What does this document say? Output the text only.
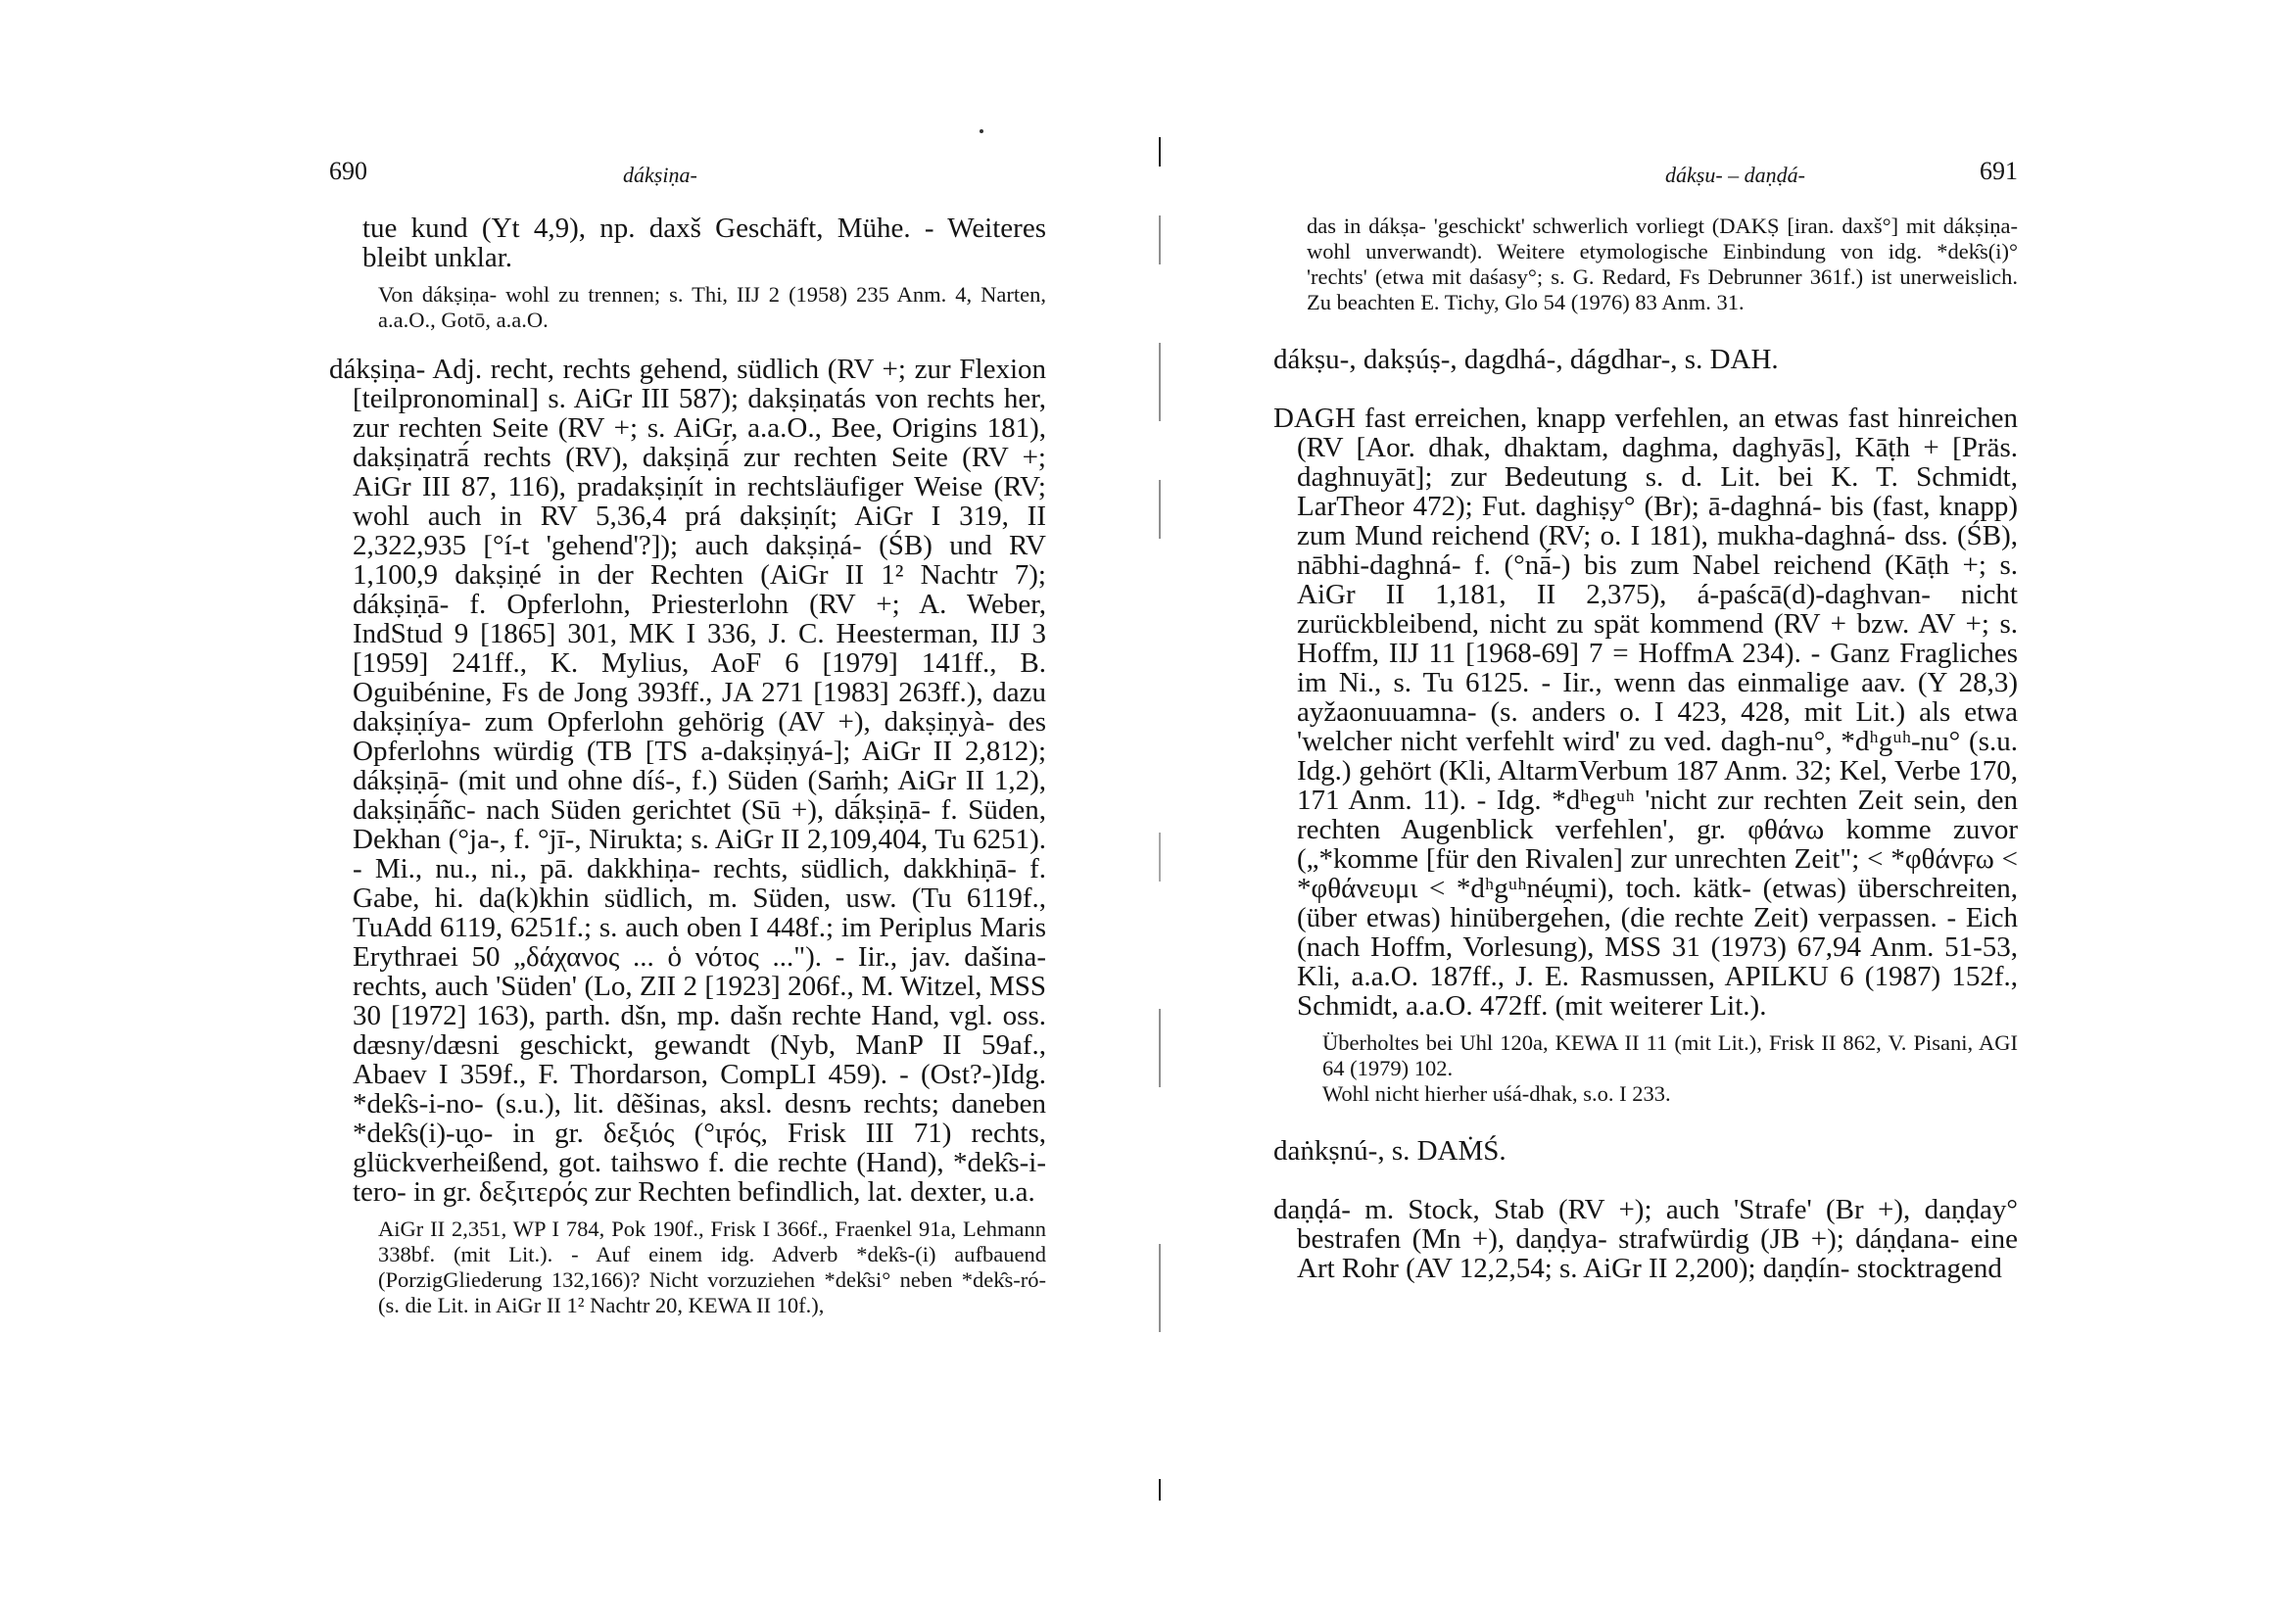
690	dákṣiṇa-

tue kund (Yt 4,9), np. daxš Geschäft, Mühe. - Weiteres bleibt unklar.

Von dákṣiṇa- wohl zu trennen; s. Thi, IIJ 2 (1958) 235 Anm. 4, Narten, a.a.O., Gotō, a.a.O.

dákṣiṇa- Adj. recht, rechts gehend, südlich (RV +; zur Flexion [teilpronominal] s. AiGr III 587); dakṣiṇatás von rechts her, zur rechten Seite (RV +; s. AiGr, a.a.O., Bee, Origins 181), dakṣiṇatrā́ rechts (RV), dakṣiṇā́ zur rechten Seite (RV +; AiGr III 87, 116), pradakṣiṇít in rechtsläufiger Weise (RV; wohl auch in RV 5,36,4 prá dakṣiṇít; AiGr I 319, II 2,322,935 [°í-t 'gehend'?]); auch dakṣiṇá- (ŚB) und RV 1,100,9 dakṣiṇé in der Rechten (AiGr II 1² Nachtr 7); dákṣiṇā- f. Opferlohn, Priesterlohn (RV +; A. Weber, IndStud 9 [1865] 301, MK I 336, J. C. Heesterman, IIJ 3 [1959] 241ff., K. Mylius, AoF 6 [1979] 141ff., B. Oguibénine, Fs de Jong 393ff., JA 271 [1983] 263ff.), dazu dakṣiṇíya- zum Opferlohn gehörig (AV +), dakṣiṇyà- des Opferlohns würdig (TB [TS a-dakṣiṇyá-]; AiGr II 2,812); dákṣiṇā- (mit und ohne díś-, f.) Süden (Saṁh; AiGr II 1,2), dakṣiṇā́ñc- nach Süden gerichtet (Sū +), dā́kṣiṇā- f. Süden, Dekhan (°ja-, f. °jī-, Nirukta; s. AiGr II 2,109,404, Tu 6251). - Mi., nu., ni., pā. dakkhiṇa- rechts, südlich, dakkhiṇā- f. Gabe, hi. da(k)khin südlich, m. Süden, usw. (Tu 6119f., TuAdd 6119, 6251f.; s. auch oben I 448f.; im Periplus Maris Erythraei 50 „δάχανος ... ὁ νότος ..."). - Iir., jav. dašina- rechts, auch 'Süden' (Lo, ZII 2 [1923] 206f., M. Witzel, MSS 30 [1972] 163), parth. dšn, mp. dašn rechte Hand, vgl. oss. dæsny/dæsni geschickt, gewandt (Nyb, ManP II 59af., Abaev I 359f., F. Thordarson, CompLI 459). - (Ost?-)Idg. *dek̑s-i-no- (s.u.), lit. dẽšinas, aksl. desnъ rechts; daneben *dek̑s(i)-u̯o- in gr. δεξιός (°ιϝός, Frisk III 71) rechts, glückverheißend, got. taihswo f. die rechte (Hand), *dek̑s-i-tero- in gr. δεξιτερός zur Rechten befindlich, lat. dexter, u.a.

AiGr II 2,351, WP I 784, Pok 190f., Frisk I 366f., Fraenkel 91a, Lehmann 338bf. (mit Lit.). - Auf einem idg. Adverb *dek̑s-(i) aufbauend (PorzigGliederung 132,166)? Nicht vorzuziehen *dek̑si° neben *dek̑s-ró- (s. die Lit. in AiGr II 1² Nachtr 20, KEWA II 10f.),

dákṣu- – daṇḍá-	691

das in dákṣa- 'geschickt' schwerlich vorliegt (DAKṢ [iran. daxš°] mit dákṣiṇa- wohl unverwandt). Weitere etymologische Einbindung von idg. *dek̑s(i)° 'rechts' (etwa mit daśasy°; s. G. Redard, Fs Debrunner 361f.) ist unerweislich. Zu beachten E. Tichy, Glo 54 (1976) 83 Anm. 31.

dákṣu-, dakṣúṣ-, dagdhá-, dágdhar-, s. DAH.

DAGH fast erreichen, knapp verfehlen, an etwas fast hinreichen (RV [Aor. dhak, dhaktam, daghma, daghyās], Kāṭh + [Präs. daghnuyāt]; zur Bedeutung s. d. Lit. bei K. T. Schmidt, LarTheor 472); Fut. daghiṣy° (Br); ā-daghná- bis (fast, knapp) zum Mund reichend (RV; o. I 181), mukha-daghná- dss. (ŚB), nābhi-daghná- f. (°nā́-) bis zum Nabel reichend (Kāṭh +; s. AiGr II 1,181, II 2,375), á-paścā(d)-daghvan- nicht zurückbleibend, nicht zu spät kommend (RV + bzw. AV +; s. Hoffm, IIJ 11 [1968-69] 7 = HoffmA 234). - Ganz Fragliches im Ni., s. Tu 6125. - Iir., wenn das einmalige aav. (Y 28,3) ayžaonuuamna- (s. anders o. I 423, 428, mit Lit.) als etwa 'welcher nicht verfehlt wird' zu ved. dagh-nu°, *dʰgᵘʰ-nu° (s.u. Idg.) gehört (Kli, AltarmVerbum 187 Anm. 32; Kel, Verbe 170, 171 Anm. 11). - Idg. *dʰegᵘʰ 'nicht zur rechten Zeit sein, den rechten Augenblick verfehlen', gr. φθάνω komme zuvor („*komme [für den Rivalen] zur unrechten Zeit"; < *φθάνϝω < *φθάνευμι < *dʰgᵘʰnéu̯mi), toch. kätk- (etwas) überschreiten, (über etwas) hinübergehen, (die rechte Zeit) verpassen. - Eich (nach Hoffm, Vorlesung), MSS 31 (1973) 67,94 Anm. 51-53, Kli, a.a.O. 187ff., J. E. Rasmussen, APILKU 6 (1987) 152f., Schmidt, a.a.O. 472ff. (mit weiterer Lit.).

Überholtes bei Uhl 120a, KEWA II 11 (mit Lit.), Frisk II 862, V. Pisani, AGI 64 (1979) 102.

Wohl nicht hierher uśá-dhak, s.o. I 233.

daṅkṣnú-, s. DAṀŚ.

daṇḍá- m. Stock, Stab (RV +); auch 'Strafe' (Br +), daṇḍay° bestrafen (Mn +), daṇḍya- strafwürdig (JB +); dáṇḍana- eine Art Rohr (AV 12,2,54; s. AiGr II 2,200); daṇḍín- stocktragend
